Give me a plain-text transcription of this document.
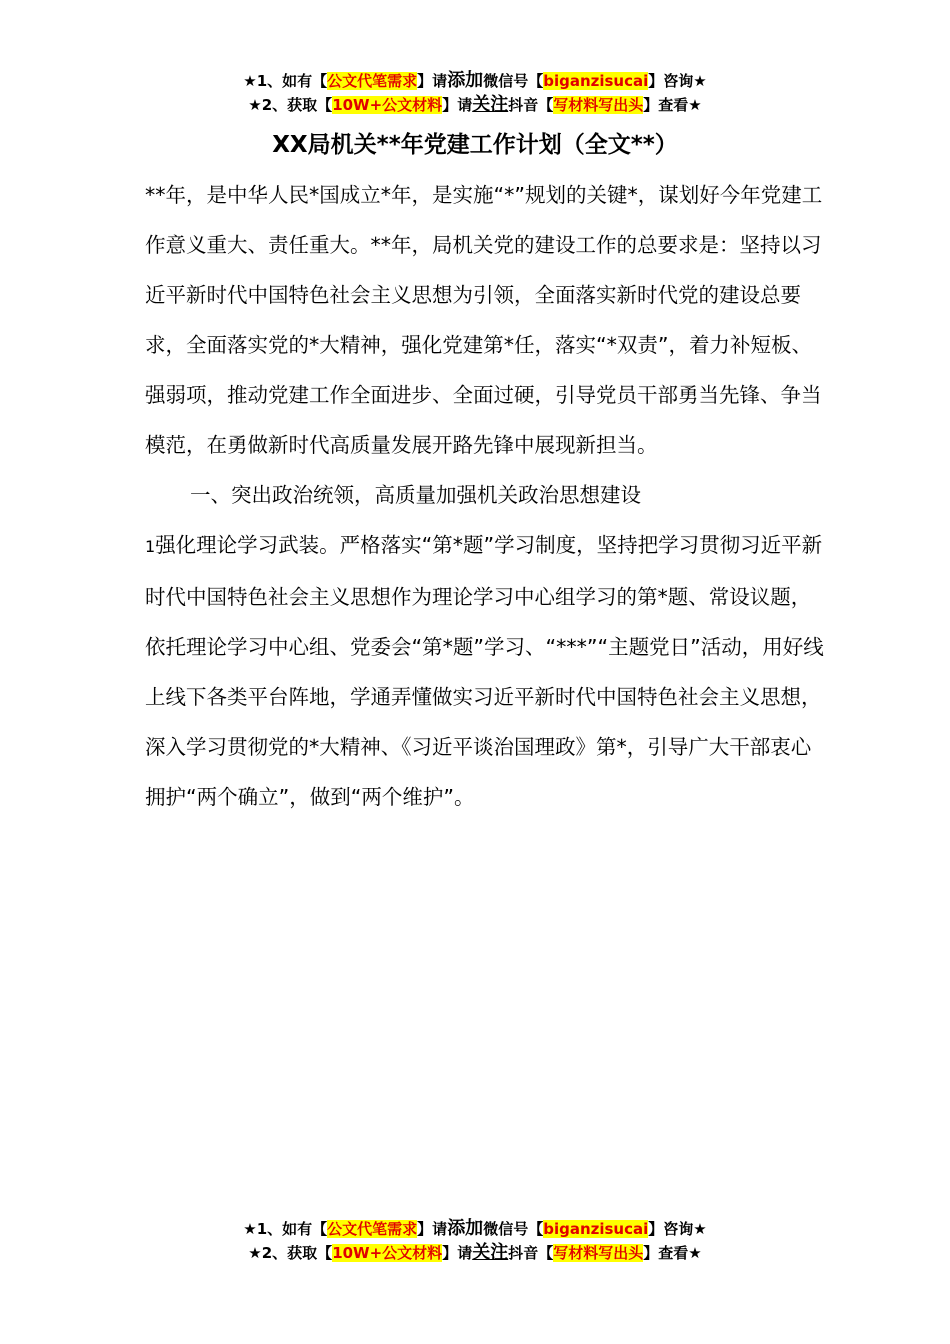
★1、如有【公文代笔需求】请添加微信号【biganzisucai】咨询★
★2、获取【10W+公文材料】请关注抖音【写材料写出头】查看★
XX局机关**年党建工作计划（全文**）

**年，是中华人民*国成立*年，是实施“*”规划的关键*，谋划好今年党建工作意义重大、责任重大。**年，局机关党的建设工作的总要求是：坚持以习近平新时代中国特色社会主义思想为引领，全面落实新时代党的建设总要求，全面落实党的*大精神，强化党建第*任，落实“*双责”，着力补短板、强弱项，推动党建工作全面进步、全面过硬，引导党员干部勇当先锋、争当模范，在勇做新时代高质量发展开路先锋中展现新担当。

一、突出政治统领，高质量加强机关政治思想建设

1强化理论学习武装。严格落实“第*题”学习制度，坚持把学习贯彻习近平新时代中国特色社会主义思想作为理论学习中心组学习的第*题、常设议题，依托理论学习中心组、党委会“第*题”学习、“***”“主题党日”活动，用好线上线下各类平台阵地，学通弄懂做实习近平新时代中国特色社会主义思想，深入学习贯彻党的*大精神、《习近平谈治国理政》第*，引导广大干部衷心拥护“两个确立”，做到“两个维护”。

★1、如有【公文代笔需求】请添加微信号【biganzisucai】咨询★
★2、获取【10W+公文材料】请关注抖音【写材料写出头】查看★
